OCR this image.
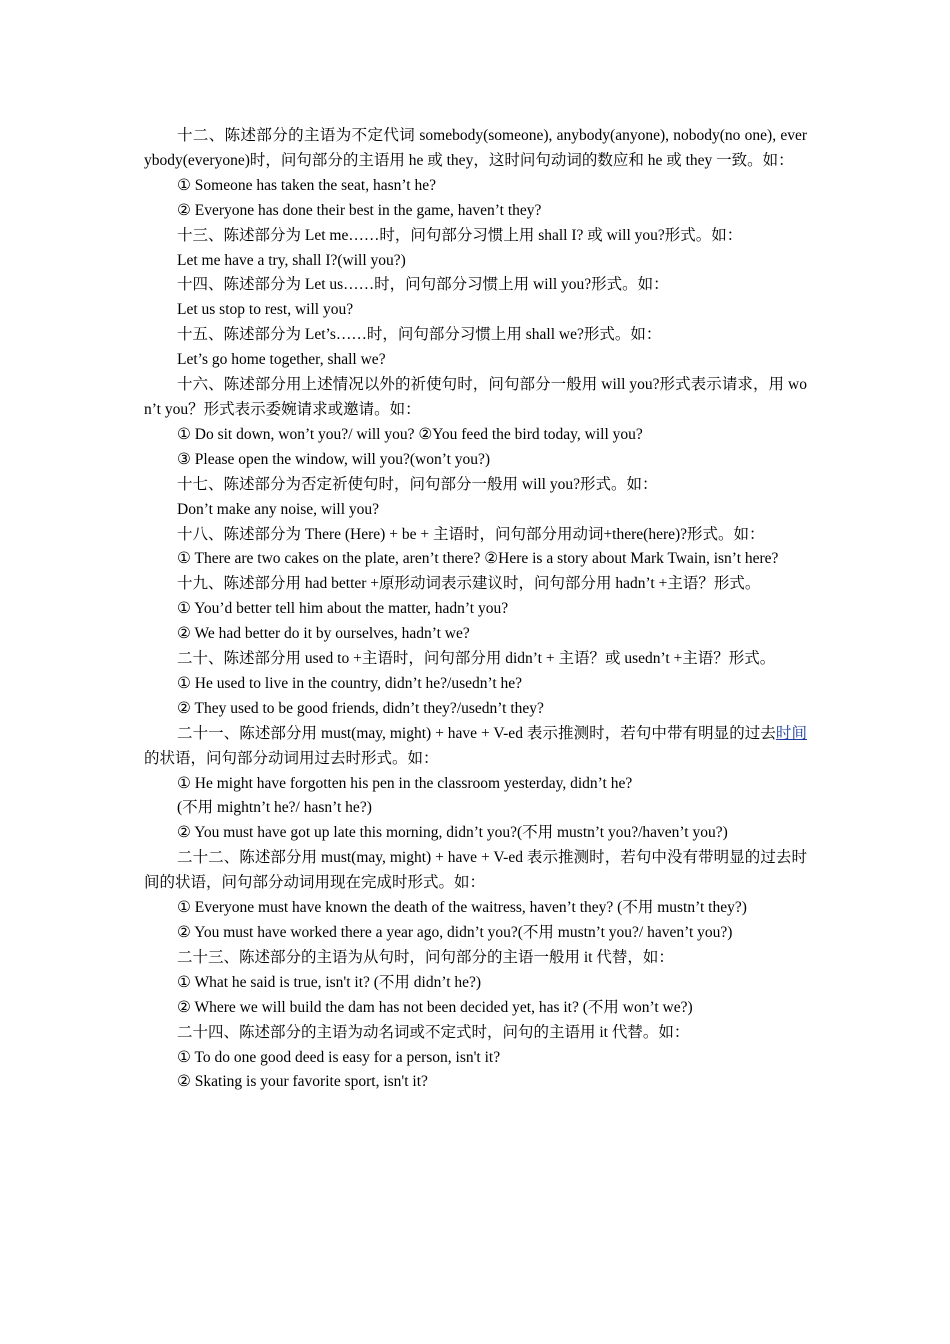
十二、陈述部分的主语为不定代词 somebody(someone), anybody(anyone), nobody(no one), everybody(everyone)时，问句部分的主语用 he 或 they，这时问句动词的数应和 he 或 they 一致。如：

① Someone has taken the seat, hasn’t he?

② Everyone has done their best in the game, haven’t they?

十三、陈述部分为 Let me……时，问句部分习惯上用 shall I? 或 will you?形式。如：

Let me have a try, shall I?(will you?)

十四、陈述部分为 Let us……时，问句部分习惯上用 will you?形式。如：

Let us stop to rest, will you?

十五、陈述部分为 Let’s……时，问句部分习惯上用 shall we?形式。如：

Let’s go home together, shall we?

十六、陈述部分用上述情况以外的祈使句时，问句部分一般用 will you?形式表示请求，用 won’t you？形式表示委婉请求或邀请。如：

① Do sit down, won’t you?/ will you? ②You feed the bird today, will you?

③ Please open the window, will you?(won’t you?)

十七、陈述部分为否定祈使句时，问句部分一般用 will you?形式。如：

Don’t make any noise, will you?

十八、陈述部分为 There (Here) + be + 主语时，问句部分用动词+there(here)?形式。如：

① There are two cakes on the plate, aren’t there? ②Here is a story about Mark Twain, isn’t here?

十九、陈述部分用 had better +原形动词表示建议时，问句部分用 hadn’t +主语？形式。

① You’d better tell him about the matter, hadn’t you?

② We had better do it by ourselves, hadn’t we?

二十、陈述部分用 used to +主语时，问句部分用 didn’t + 主语？或 usedn’t +主语？形式。

① He used to live in the country, didn’t he?/usedn’t he?

② They used to be good friends, didn’t they?/usedn’t they?

二十一、陈述部分用 must(may, might) + have + V-ed 表示推测时，若句中带有明显的过去时间的状语，问句部分动词用过去时形式。如：

① He might have forgotten his pen in the classroom yesterday, didn’t he?

(不用 mightn’t he?/ hasn’t he?)

② You must have got up late this morning, didn’t you?(不用 mustn’t you?/haven’t you?)

二十二、陈述部分用 must(may, might) + have + V-ed 表示推测时，若句中没有带明显的过去时间的状语，问句部分动词用现在完成时形式。如：

① Everyone must have known the death of the waitress, haven’t they? (不用 mustn’t they?)

② You must have worked there a year ago, didn’t you?(不用 mustn’t you?/ haven’t you?)

二十三、陈述部分的主语为从句时，问句部分的主语一般用 it 代替，如：

① What he said is true, isn't it? (不用 didn’t he?)

② Where we will build the dam has not been decided yet, has it? (不用 won’t we?)

二十四、陈述部分的主语为动名词或不定式时，问句的主语用 it 代替。如：

① To do one good deed is easy for a person, isn't it?

② Skating is your favorite sport, isn't it?
